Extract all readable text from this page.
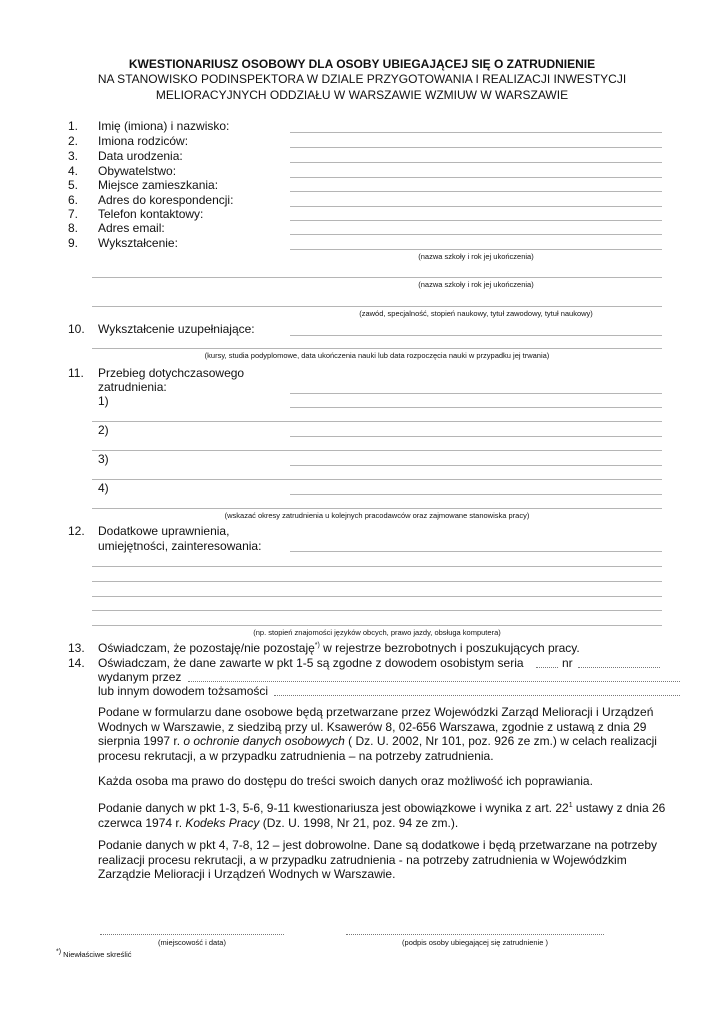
KWESTIONARIUSZ OSOBOWY DLA OSOBY UBIEGAJĄCEJ SIĘ O ZATRUDNIENIE
NA STANOWISKO PODINSPEKTORA W DZIALE PRZYGOTOWANIA I REALIZACJI INWESTYCJI
MELIORACYJNYCH ODDZIAŁU W WARSZAWIE WZMIUW W WARSZAWIE
1. Imię (imiona) i nazwisko:
2. Imiona rodziców:
3. Data urodzenia:
4. Obywatelstwo:
5. Miejsce zamieszkania:
6. Adres do korespondencji:
7. Telefon kontaktowy:
8. Adres email:
9. Wykształcenie:
(nazwa szkoły i rok jej ukończenia)
(nazwa szkoły i rok jej ukończenia)
(zawód, specjalność, stopień naukowy, tytuł zawodowy, tytuł naukowy)
10. Wykształcenie uzupełniające:
(kursy, studia podyplomowe, data ukończenia nauki lub data rozpoczęcia nauki w przypadku jej trwania)
11. Przebieg dotychczasowego
zatrudnienia:
1)
2)
3)
4)
(wskazać okresy zatrudnienia u kolejnych pracodawców oraz zajmowane stanowiska pracy)
12. Dodatkowe uprawnienia,
umiejętności, zainteresowania:
(np. stopień znajomości języków obcych, prawo jazdy, obsługa komputera)
13. Oświadczam, że pozostaję/nie pozostaję*) w rejestrze bezrobotnych i poszukujących pracy.
14. Oświadczam, że dane zawarte w pkt 1-5 są zgodne z dowodem osobistym seria	nr
wydanym przez
lub innym dowodem tożsamości
Podane w formularzu dane osobowe będą przetwarzane przez Wojewódzki Zarząd Melioracji i Urządzeń Wodnych w Warszawie, z siedzibą przy ul. Ksawerów 8, 02-656 Warszawa, zgodnie z ustawą z dnia 29 sierpnia 1997 r. o ochronie danych osobowych ( Dz. U. 2002, Nr 101, poz. 926 ze zm.) w celach realizacji procesu rekrutacji, a w przypadku zatrudnienia – na potrzeby zatrudnienia.
Każda osoba ma prawo do dostępu do treści swoich danych oraz możliwość ich poprawiania.
Podanie danych w pkt 1-3, 5-6, 9-11 kwestionariusza jest obowiązkowe i wynika z art. $22^1$ ustawy z dnia 26 czerwca 1974 r. Kodeks Pracy (Dz. U. 1998, Nr 21, poz. 94 ze zm.).
Podanie danych w pkt 4, 7-8, 12 – jest dobrowolne. Dane są dodatkowe i będą przetwarzane na potrzeby realizacji procesu rekrutacji, a w przypadku zatrudnienia - na potrzeby zatrudnienia w Wojewódzkim Zarządzie Melioracji i Urządzeń Wodnych w Warszawie.
(miejscowość i data)	(podpis osoby ubiegającej się zatrudnienie )
*) Niewłaściwe skreślić
